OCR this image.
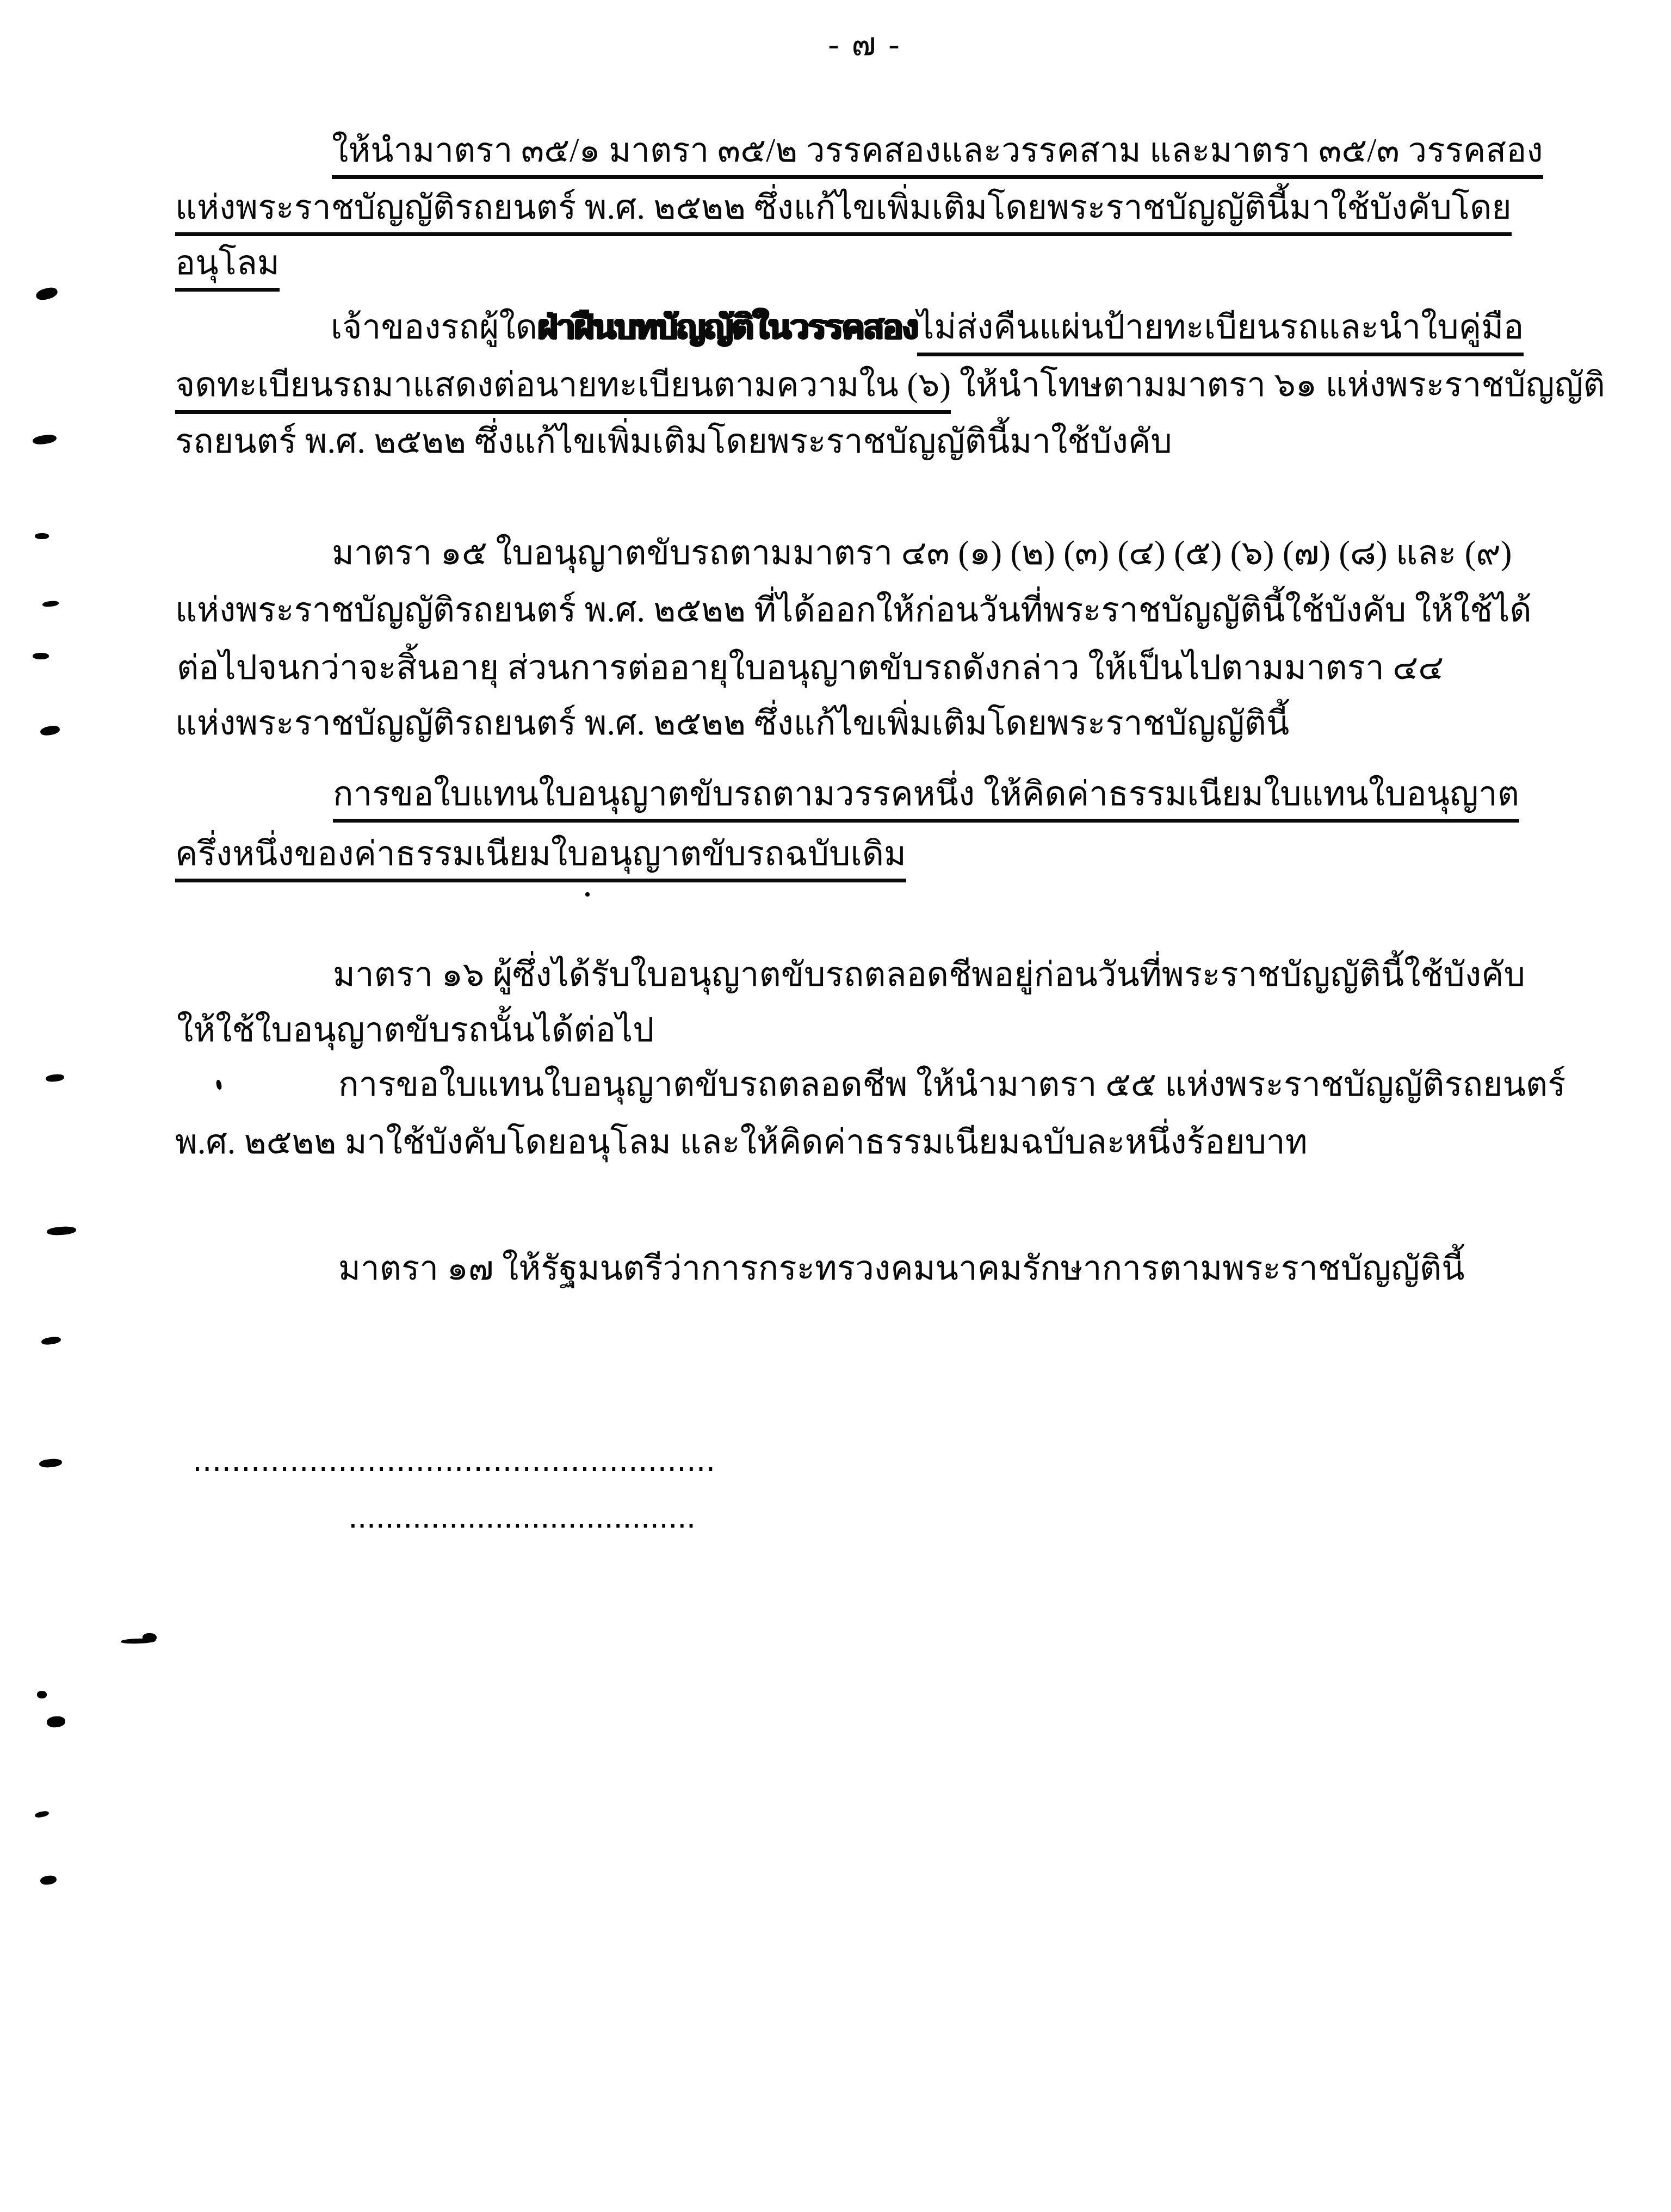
- ๗ -
ให้นำมาตรา ๓๕/๑ มาตรา ๓๕/๒ วรรคสองและวรรคสาม และมาตรา ๓๕/๓ วรรคสอง
แห่งพระราชบัญญัติรถยนตร์ พ.ศ. ๒๕๒๒ ซึ่งแก้ไขเพิ่มเติมโดยพระราชบัญญัตินี้มาใช้บังคับโดย
อนุโลม
เจ้าของรถผู้ใดฝ่าฝืนบทบัญญัติในวรรคสองไม่ส่งคืนแผ่นป้ายทะเบียนรถและนำใบคู่มือ
จดทะเบียนรถมาแสดงต่อนายทะเบียนตามความใน (๖) ให้นำโทษตามมาตรา ๖๑ แห่งพระราชบัญญัติ
รถยนตร์ พ.ศ. ๒๕๒๒ ซึ่งแก้ไขเพิ่มเติมโดยพระราชบัญญัตินี้มาใช้บังคับ
มาตรา ๑๕ ใบอนุญาตขับรถตามมาตรา ๔๓ (๑) (๒) (๓) (๔) (๕) (๖) (๗) (๘) และ (๙)
แห่งพระราชบัญญัติรถยนตร์ พ.ศ. ๒๕๒๒ ที่ได้ออกให้ก่อนวันที่พระราชบัญญัตินี้ใช้บังคับ ให้ใช้ได้
ต่อไปจนกว่าจะสิ้นอายุ ส่วนการต่ออายุใบอนุญาตขับรถดังกล่าว ให้เป็นไปตามมาตรา ๔๔
แห่งพระราชบัญญัติรถยนตร์ พ.ศ. ๒๕๒๒ ซึ่งแก้ไขเพิ่มเติมโดยพระราชบัญญัตินี้
การขอใบแทนใบอนุญาตขับรถตามวรรคหนึ่ง ให้คิดค่าธรรมเนียมใบแทนใบอนุญาต
ครึ่งหนึ่งของค่าธรรมเนียมใบอนุญาตขับรถฉบับเดิม
มาตรา ๑๖ ผู้ซึ่งได้รับใบอนุญาตขับรถตลอดชีพอยู่ก่อนวันที่พระราชบัญญัตินี้ใช้บังคับ
ให้ใช้ใบอนุญาตขับรถนั้นได้ต่อไป
การขอใบแทนใบอนุญาตขับรถตลอดชีพ ให้นำมาตรา ๕๕ แห่งพระราชบัญญัติรถยนตร์
พ.ศ. ๒๕๒๒ มาใช้บังคับโดยอนุโลม และให้คิดค่าธรรมเนียมฉบับละหนึ่งร้อยบาท
มาตรา ๑๗ ให้รัฐมนตรีว่าการกระทรวงคมนาคมรักษาการตามพระราชบัญญัตินี้
......................................................
......................................
